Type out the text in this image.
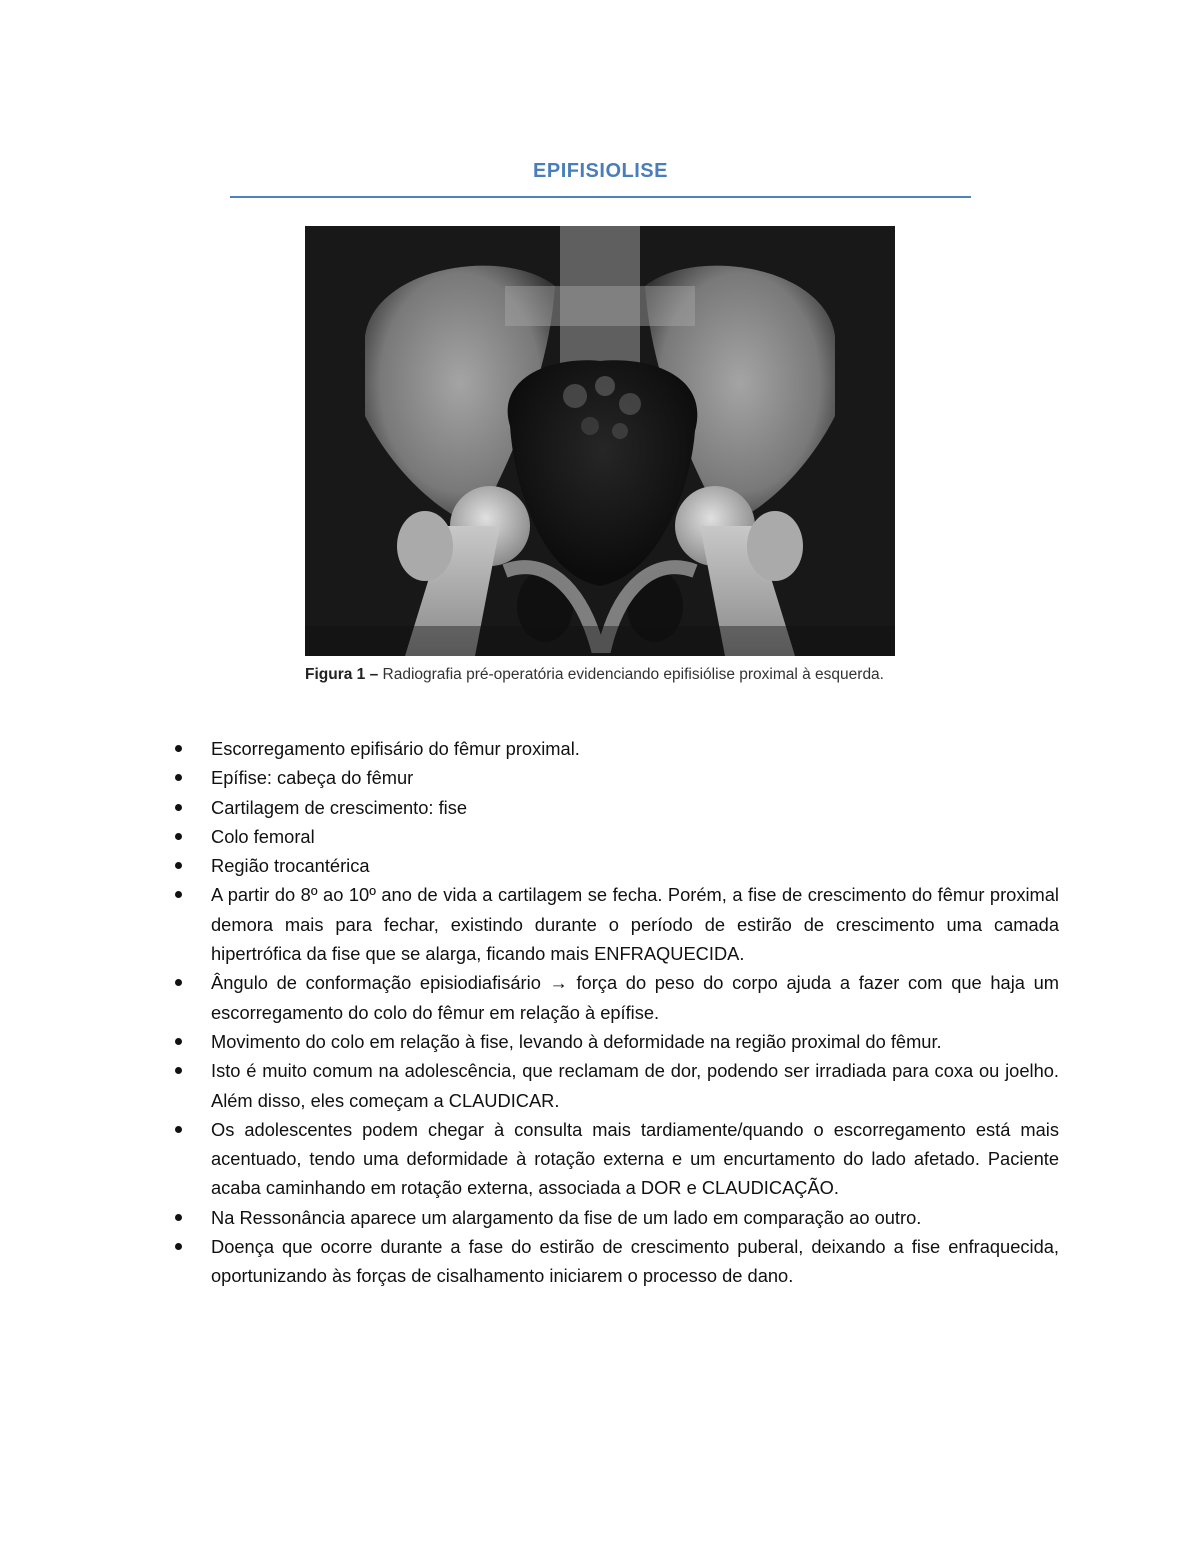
EPIFISIOLISE
Figura 1 – Radiografia pré-operatória evidenciando epifisiólise proximal à esquerda.
Escorregamento epifisário do fêmur proximal.
Epífise: cabeça do fêmur
Cartilagem de crescimento: fise
Colo femoral
Região trocantérica
A partir do 8º ao 10º ano de vida a cartilagem se fecha. Porém, a fise de crescimento do fêmur proximal demora mais para fechar, existindo durante o período de estirão de crescimento uma camada hipertrófica da fise que se alarga, ficando mais ENFRAQUECIDA.
Ângulo de conformação episiodiafisário → força do peso do corpo ajuda a fazer com que haja um escorregamento do colo do fêmur em relação à epífise.
Movimento do colo em relação à fise, levando à deformidade na região proximal do fêmur.
Isto é muito comum na adolescência, que reclamam de dor, podendo ser irradiada para coxa ou joelho. Além disso, eles começam a CLAUDICAR.
Os adolescentes podem chegar à consulta mais tardiamente/quando o escorregamento está mais acentuado, tendo uma deformidade à rotação externa e um encurtamento do lado afetado. Paciente acaba caminhando em rotação externa, associada a DOR e CLAUDICAÇÃO.
Na Ressonância aparece um alargamento da fise de um lado em comparação ao outro.
Doença que ocorre durante a fase do estirão de crescimento puberal, deixando a fise enfraquecida, oportunizando às forças de cisalhamento iniciarem o processo de dano.
